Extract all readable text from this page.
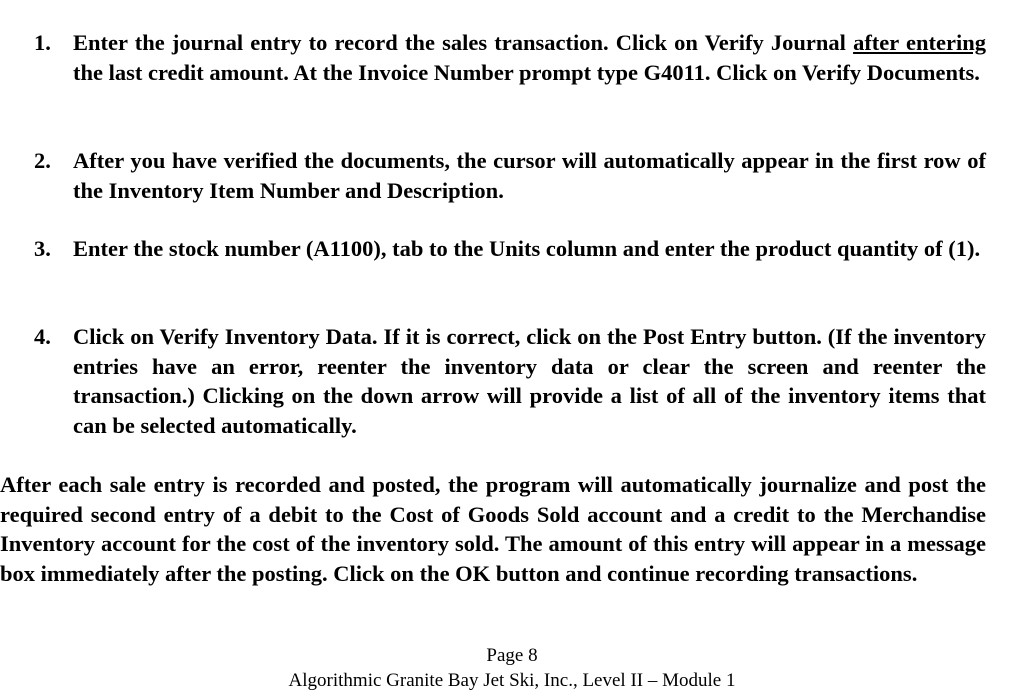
1. Enter the journal entry to record the sales transaction. Click on Verify Journal after entering the last credit amount. At the Invoice Number prompt type G4011. Click on Verify Documents.
2. After you have verified the documents, the cursor will automatically appear in the first row of the Inventory Item Number and Description.
3. Enter the stock number (A1100), tab to the Units column and enter the product quantity of (1).
4. Click on Verify Inventory Data. If it is correct, click on the Post Entry button. (If the inventory entries have an error, reenter the inventory data or clear the screen and reenter the transaction.) Clicking on the down arrow will provide a list of all of the inventory items that can be selected automatically.
After each sale entry is recorded and posted, the program will automatically journalize and post the required second entry of a debit to the Cost of Goods Sold account and a credit to the Merchandise Inventory account for the cost of the inventory sold. The amount of this entry will appear in a message box immediately after the posting. Click on the OK button and continue recording transactions.
Page 8
Algorithmic Granite Bay Jet Ski, Inc., Level II – Module 1
